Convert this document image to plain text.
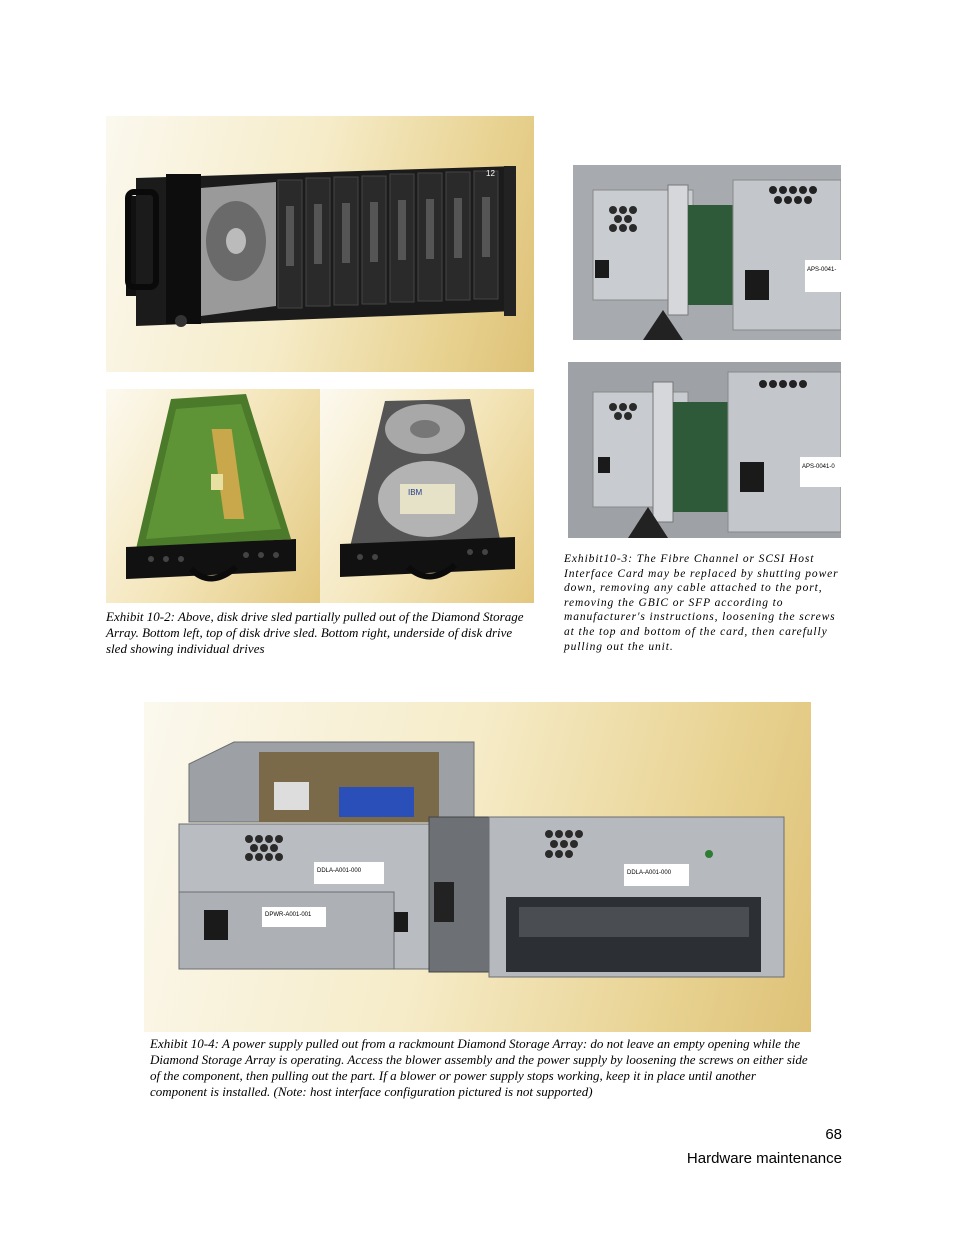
12
APS-0041-
IBM
APS-0041-0

Exhibit 10-2: Above, disk drive sled partially pulled out of the Diamond Storage Array. Bottom left, top of disk drive sled. Bottom right, underside of disk drive sled showing individual drives

Exhibit10-3: The Fibre Channel or SCSI Host Interface Card may be replaced by shutting power down, removing any cable attached to the port, removing the GBIC or SFP according to manufacturer's instructions, loosening the screws at the top and bottom of the card, then carefully pulling out the unit.

DDLA-A001-000
DPWR-A001-001
DDLA-A001-000

Exhibit 10-4: A power supply pulled out from a rackmount Diamond Storage Array: do not leave an empty opening while the Diamond Storage Array is operating. Access the blower assembly and the power supply by loosening the screws on either side of the component, then pulling out the part. If a blower or power supply stops working, keep it in place until another component is installed. (Note: host interface configuration pictured is not supported)

68
Hardware maintenance
